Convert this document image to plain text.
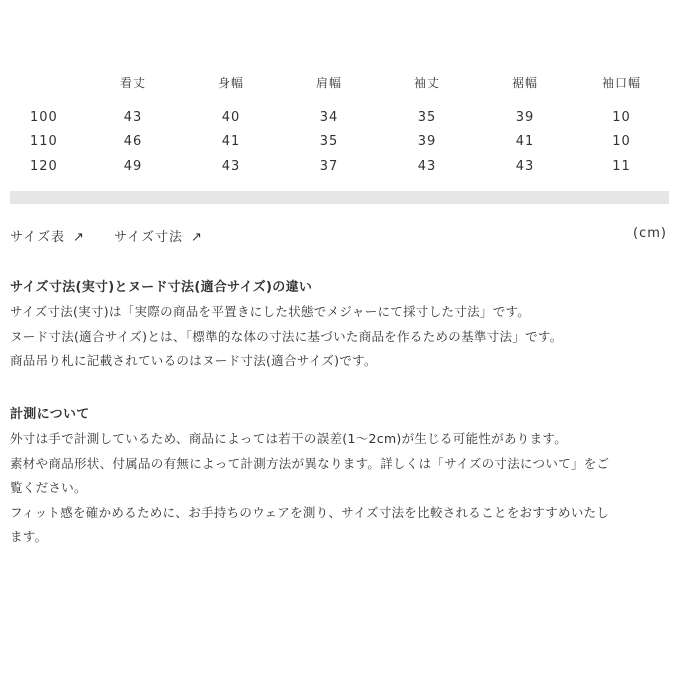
	看丈	身幅	肩幅	袖丈	裾幅	袖口幅
100	43	40	34	35	39	10
110	46	41	35	39	41	10
120	49	43	37	43	43	11
サイズ表 ↗ サイズ寸法 ↗	(cm)
サイズ寸法(実寸)とヌード寸法(適合サイズ)の違い

サイズ寸法(実寸)は「実際の商品を平置きにした状態でメジャーにて採寸した寸法」です。

ヌード寸法(適合サイズ)とは、「標準的な体の寸法に基づいた商品を作るための基準寸法」です。

商品吊り札に記載されているのはヌード寸法(適合サイズ)です。

計測について

外寸は手で計測しているため、商品によっては若干の誤差(1〜2cm)が生じる可能性があります。

素材や商品形状、付属品の有無によって計測方法が異なります。詳しくは「サイズの寸法について」をご

覧ください。

フィット感を確かめるために、お手持ちのウェアを測り、サイズ寸法を比較されることをおすすめいたし

ます。
